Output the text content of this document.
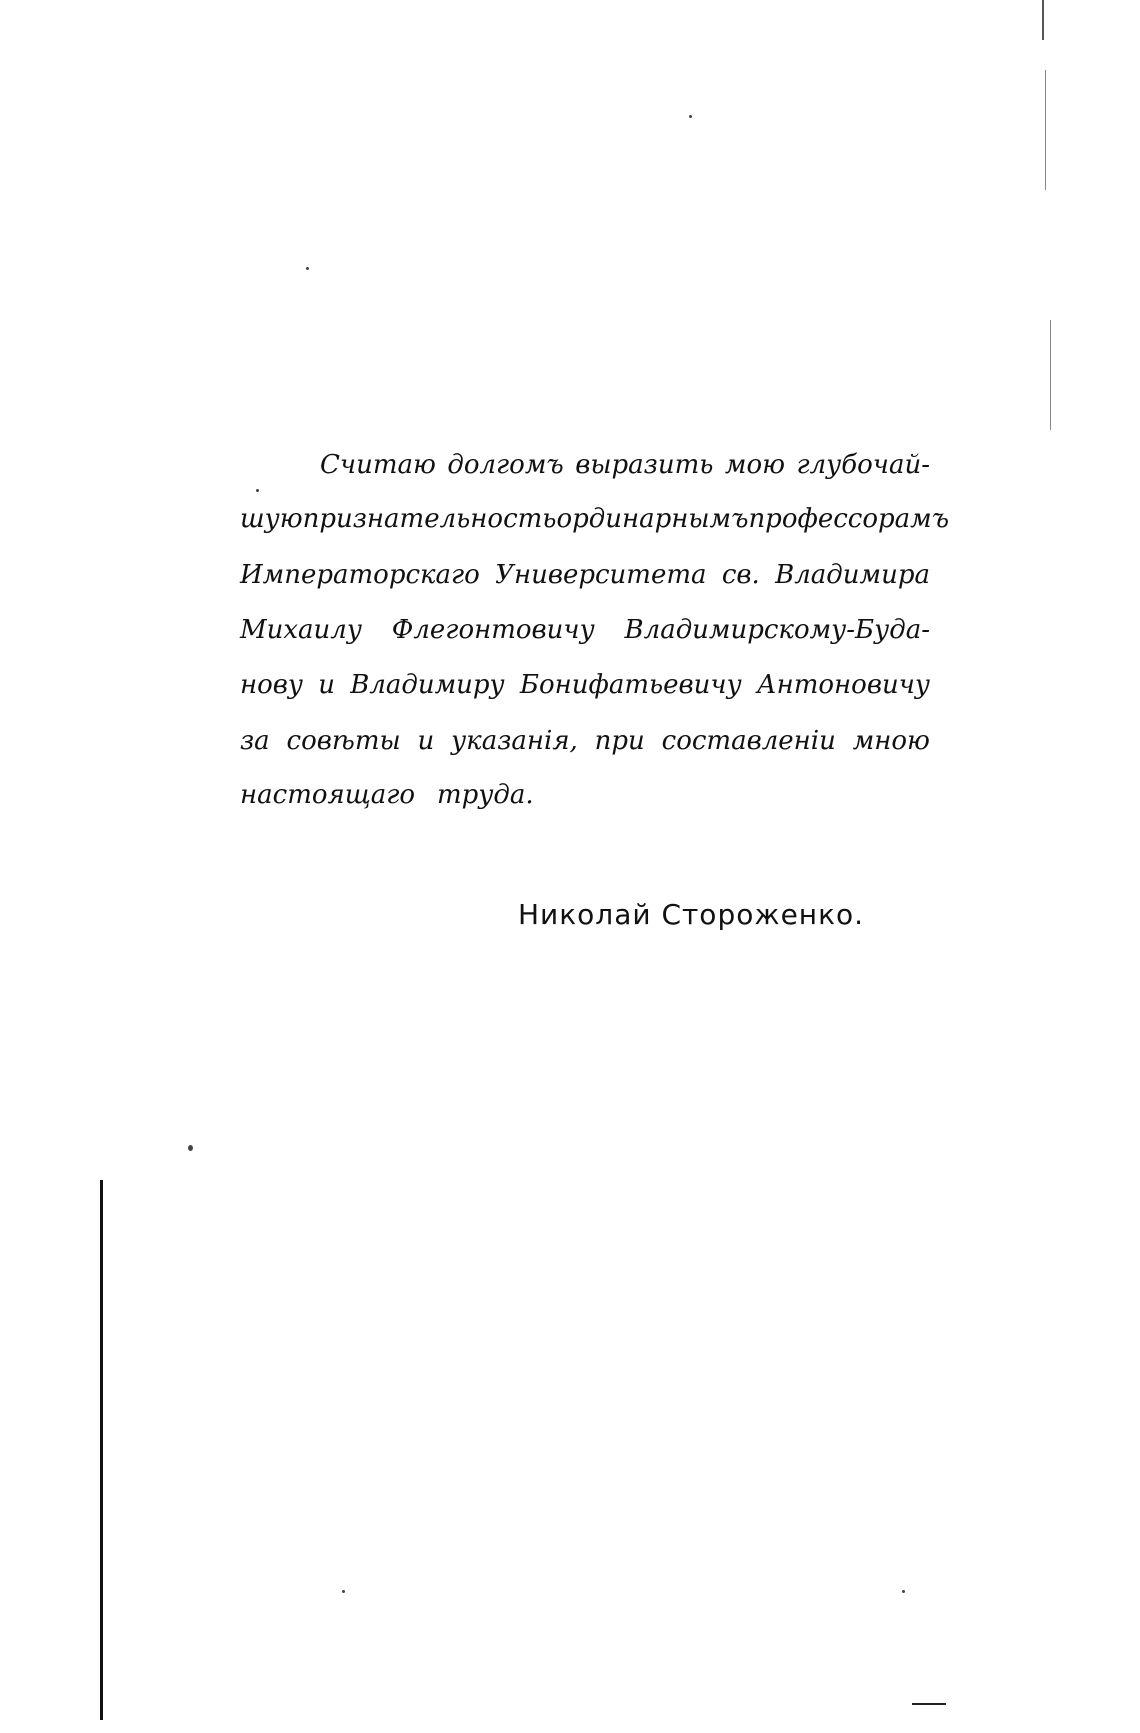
Считаю долгомъ выразить мою глубочай-
шую признательность ординарнымъ профессорамъ
Императорскаго Университета св. Владимира
Михаилу Флегонтовичу Владимирскому-Буда-
нову и Владимиру Бонифатьевичу Антоновичу
за совѣты и указанія, при составленіи мною
настоящаго труда.
Николай Стороженко.
